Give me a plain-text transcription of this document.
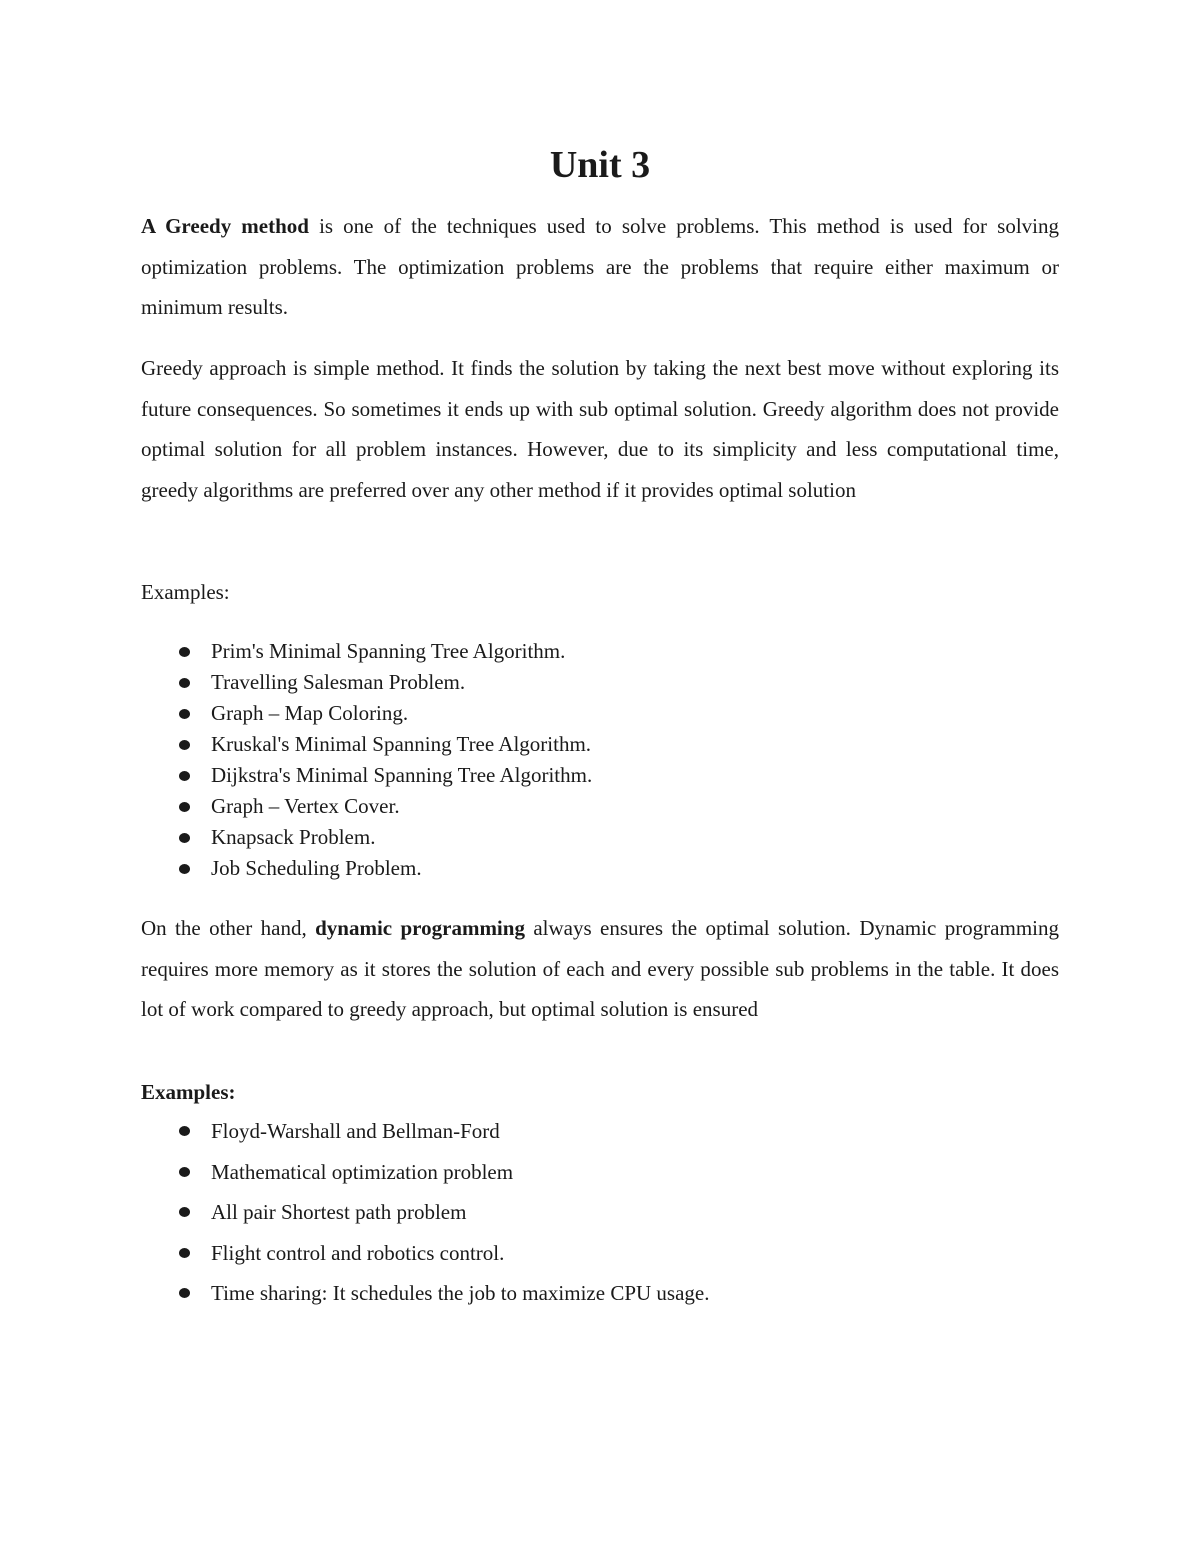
Unit 3

A Greedy method is one of the techniques used to solve problems. This method is used for solving optimization problems. The optimization problems are the problems that require either maximum or minimum results.

Greedy approach is simple method. It finds the solution by taking the next best move without exploring its future consequences. So sometimes it ends up with sub optimal solution. Greedy algorithm does not provide optimal solution for all problem instances. However, due to its simplicity and less computational time, greedy algorithms are preferred over any other method if it provides optimal solution

Examples:

Prim's Minimal Spanning Tree Algorithm.
Travelling Salesman Problem.
Graph – Map Coloring.
Kruskal's Minimal Spanning Tree Algorithm.
Dijkstra's Minimal Spanning Tree Algorithm.
Graph – Vertex Cover.
Knapsack Problem.
Job Scheduling Problem.

On the other hand, dynamic programming always ensures the optimal solution. Dynamic programming requires more memory as it stores the solution of each and every possible sub problems in the table. It does lot of work compared to greedy approach, but optimal solution is ensured

Examples:

Floyd-Warshall and Bellman-Ford
Mathematical optimization problem
All pair Shortest path problem
Flight control and robotics control.
Time sharing: It schedules the job to maximize CPU usage.
